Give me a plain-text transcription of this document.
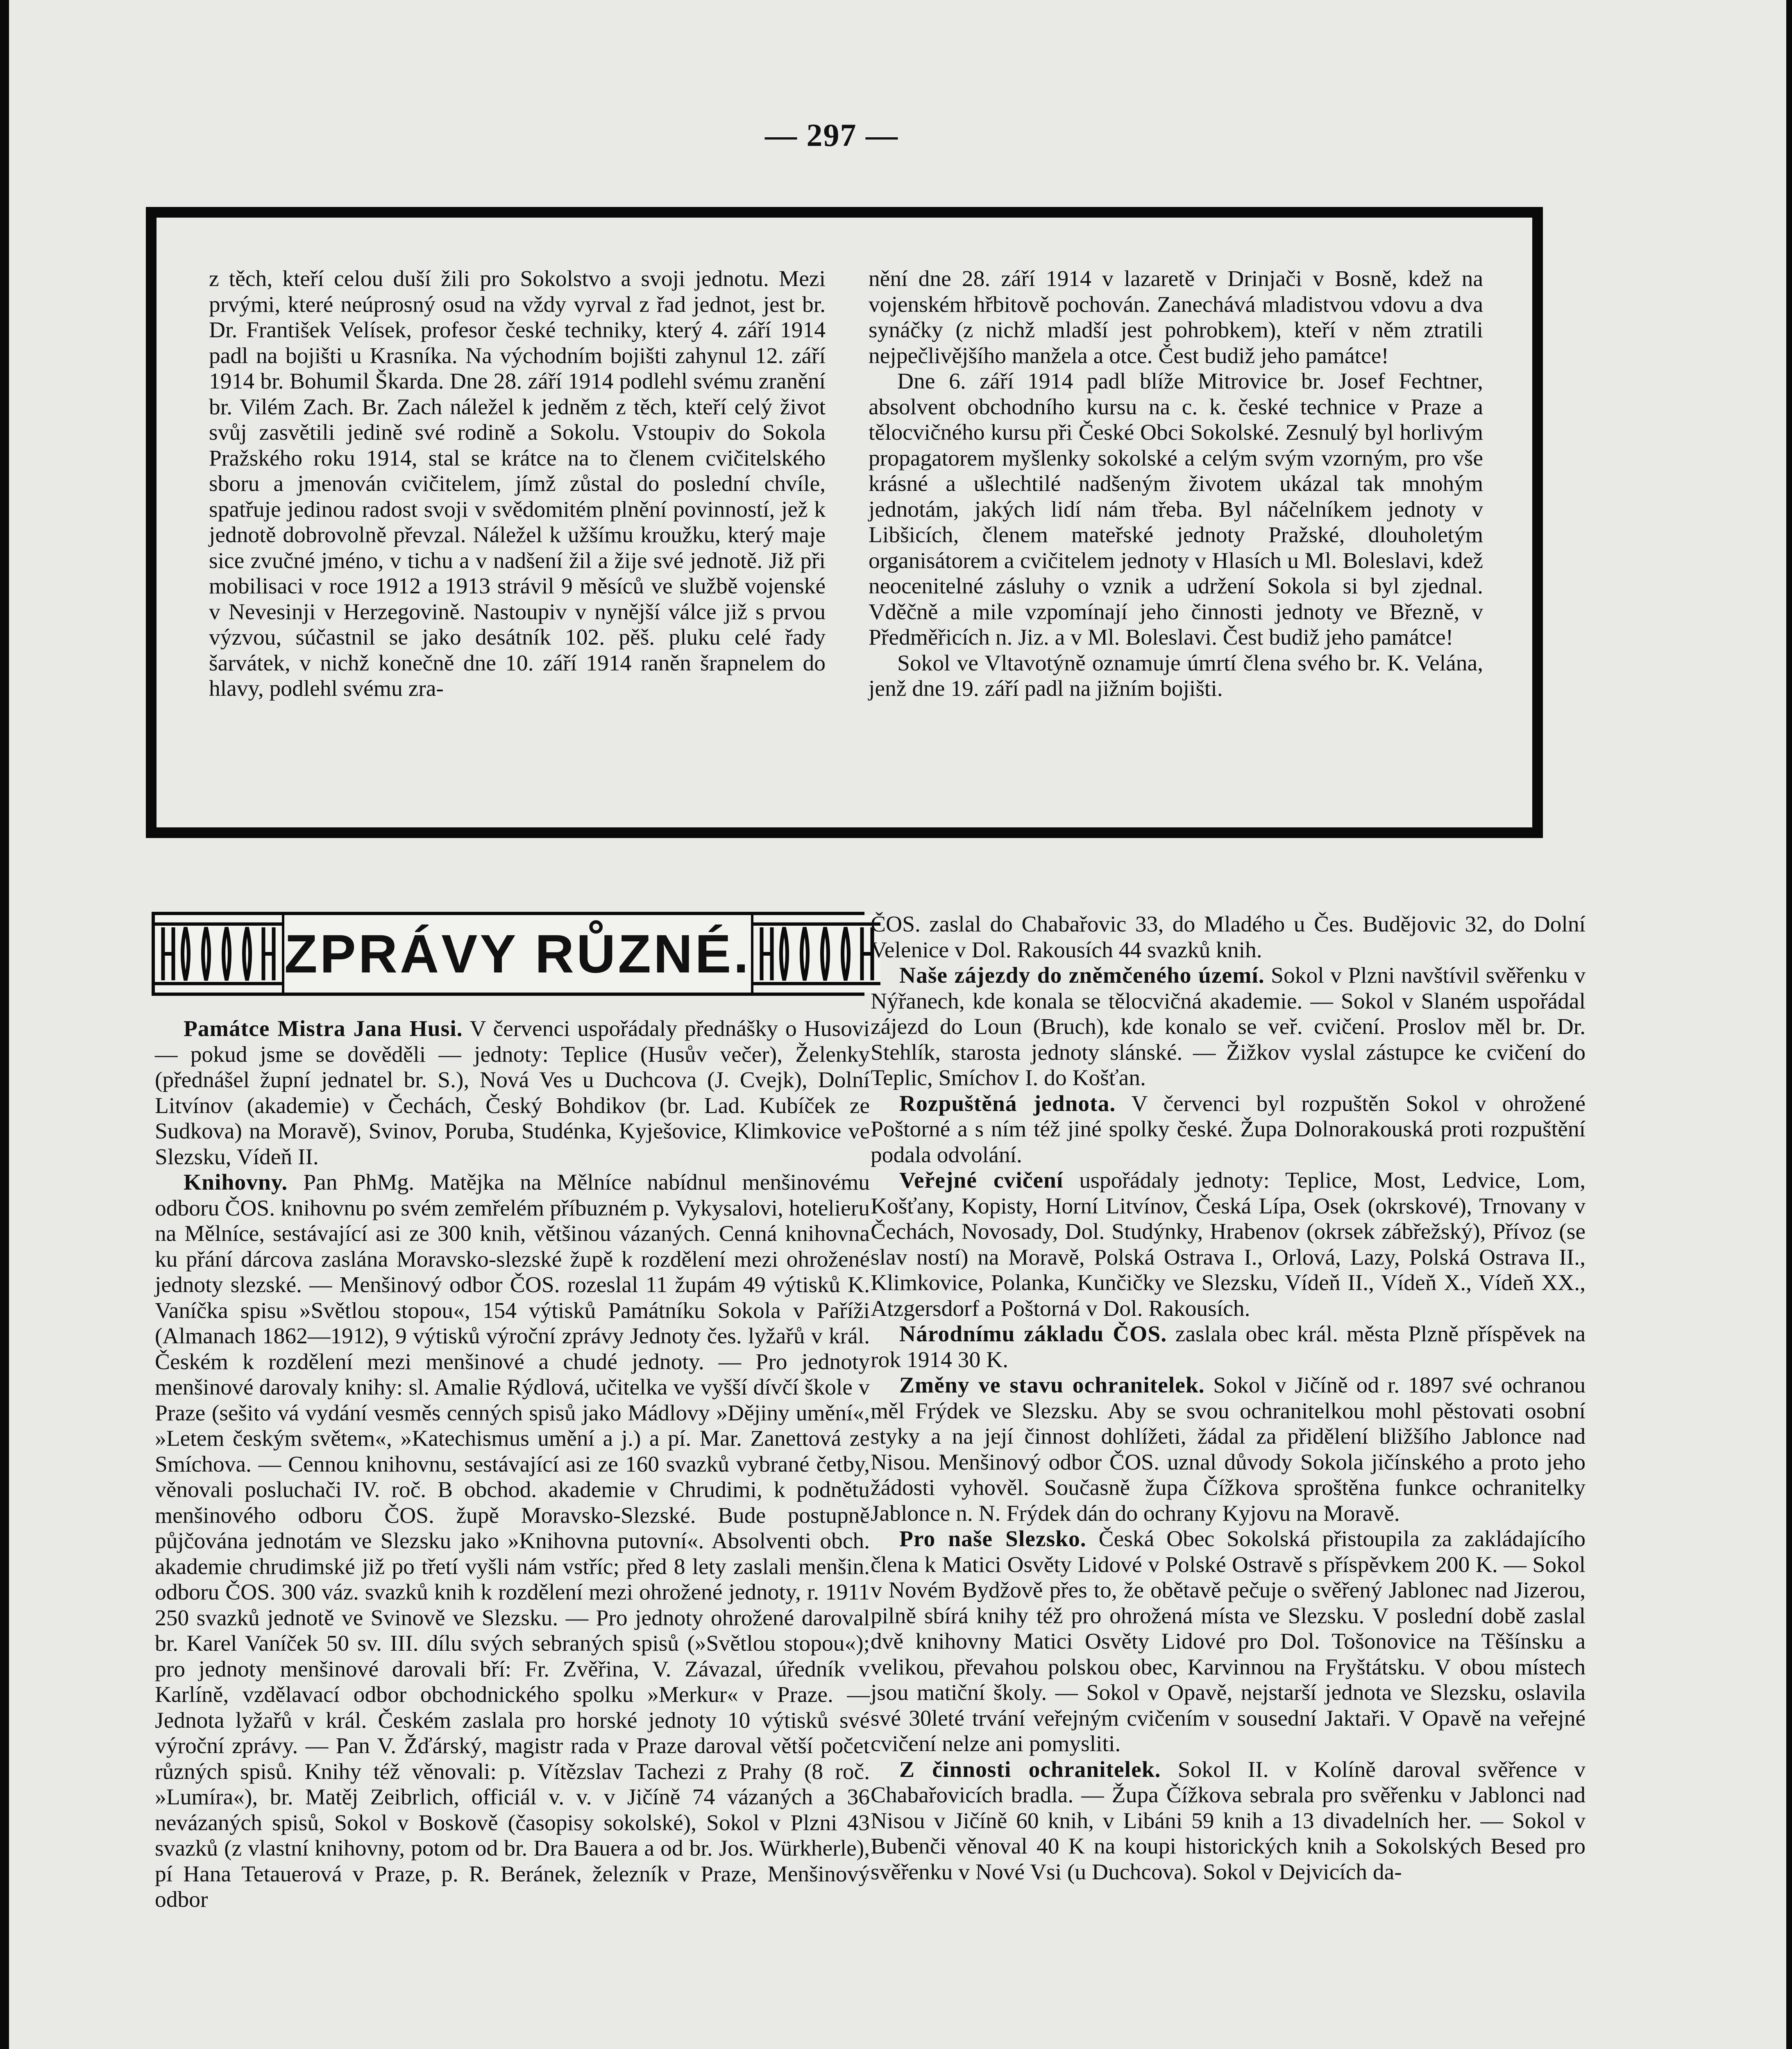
— 297 —

z těch, kteří celou duší žili pro Sokolstvo a svoji jednotu. Mezi prvými, které neúprosný osud na vždy vyrval z řad jednot, jest br. Dr. František Velísek, profesor české techniky, který 4. září 1914 padl na bojišti u Krasníka. Na východním bojišti zahynul 12. září 1914 br. Bohumil Škarda. Dne 28. září 1914 podlehl svému zranění br. Vilém Zach. Br. Zach náležel k jedněm z těch, kteří celý život svůj zasvětili jedině své rodině a Sokolu. Vstoupiv do Sokola Pražského roku 1914, stal se krátce na to členem cvičitelského sboru a jmenován cvičitelem, jímž zůstal do poslední chvíle, spatřuje jedinou radost svoji v svědomitém plnění povinností, jež k jednotě dobrovolně převzal. Náležel k užšímu kroužku, který maje sice zvučné jméno, v tichu a v nadšení žil a žije své jednotě. Již při mobilisaci v roce 1912 a 1913 strávil 9 měsíců ve službě vojenské v Nevesinji v Herzegovině. Nastoupiv v nynější válce již s prvou výzvou, súčastnil se jako desátník 102. pěš. pluku celé řady šarvátek, v nichž konečně dne 10. září 1914 raněn šrapnelem do hlavy, podlehl svému zra-

nění dne 28. září 1914 v lazaretě v Drinjači v Bosně, kdež na vojenském hřbitově pochován. Zanechává mladistvou vdovu a dva synáčky (z nichž mladší jest pohrobkem), kteří v něm ztratili nejpečlivějšího manžela a otce. Čest budiž jeho památce!

Dne 6. září 1914 padl blíže Mitrovice br. Josef Fechtner, absolvent obchodního kursu na c. k. české technice v Praze a tělocvičného kursu při České Obci Sokolské. Zesnulý byl horlivým propagatorem myšlenky sokolské a celým svým vzorným, pro vše krásné a ušlechtilé nadšeným životem ukázal tak mnohým jednotám, jakých lidí nám třeba. Byl náčelníkem jednoty v Libšicích, členem mateřské jednoty Pražské, dlouholetým organisátorem a cvičitelem jednoty v Hlasích u Ml. Boleslavi, kdež neocenitelné zásluhy o vznik a udržení Sokola si byl zjednal. Vděčně a mile vzpomínají jeho činnosti jednoty ve Březně, v Předměřicích n. Jiz. a v Ml. Boleslavi. Čest budiž jeho památce!

Sokol ve Vltavotýně oznamuje úmrtí člena svého br. K. Velána, jenž dne 19. září padl na jižním bojišti.

ZPRÁVY RŮZNÉ.

Památce Mistra Jana Husi. V červenci uspořádaly přednášky o Husovi — pokud jsme se dověděli — jednoty: Teplice (Husův večer), Želenky (přednášel župní jednatel br. S.), Nová Ves u Duchcova (J. Cvejk), Dolní Litvínov (akademie) v Čechách, Český Bohdikov (br. Lad. Kubíček ze Sudkova) na Moravě), Svinov, Poruba, Studénka, Kyješovice, Klimkovice ve Slezsku, Vídeň II.

Knihovny. Pan PhMg. Matějka na Mělníce nabídnul menšinovému odboru ČOS. knihovnu po svém zemřelém příbuzném p. Vykysalovi, hotelieru na Mělníce, sestávající asi ze 300 knih, většinou vázaných. Cenná knihovna ku přání dárcova zaslána Moravsko-slezské župě k rozdělení mezi ohrožené jednoty slezské. — Menšinový odbor ČOS. rozeslal 11 župám 49 výtisků K. Vaníčka spisu »Světlou stopou«, 154 výtisků Památníku Sokola v Paříži (Almanach 1862—1912), 9 výtisků výroční zprávy Jednoty čes. lyžařů v král. Českém k rozdělení mezi menšinové a chudé jednoty. — Pro jednoty menšinové darovaly knihy: sl. Amalie Rýdlová, učitelka ve vyšší dívčí škole v Praze (sešito vá vydání vesměs cenných spisů jako Mádlovy »Dějiny umění«, »Letem českým světem«, »Katechismus umění a j.) a pí. Mar. Zanettová ze Smíchova. — Cennou knihovnu, sestávající asi ze 160 svazků vybrané četby, věnovali posluchači IV. roč. B obchod. akademie v Chrudimi, k podnětu menšinového odboru ČOS. župě Moravsko-Slezské. Bude postupně půjčována jednotám ve Slezsku jako »Knihovna putovní«. Absolventi obch. akademie chrudimské již po třetí vyšli nám vstříc; před 8 lety zaslali menšin. odboru ČOS. 300 váz. svazků knih k rozdělení mezi ohrožené jednoty, r. 1911 250 svazků jednotě ve Svinově ve Slezsku. — Pro jednoty ohrožené daroval br. Karel Vaníček 50 sv. III. dílu svých sebraných spisů (»Světlou stopou«); pro jednoty menšinové darovali bří: Fr. Zvěřina, V. Závazal, úředník v Karlíně, vzdělavací odbor obchodnického spolku »Merkur« v Praze. — Jednota lyžařů v král. Českém zaslala pro horské jednoty 10 výtisků své výroční zprávy. — Pan V. Žďárský, magistr rada v Praze daroval větší počet různých spisů. Knihy též věnovali: p. Vítězslav Tachezi z Prahy (8 roč. »Lumíra«), br. Matěj Zeibrlich, officiál v. v. v Jičíně 74 vázaných a 36 nevázaných spisů, Sokol v Boskově (časopisy sokolské), Sokol v Plzni 43 svazků (z vlastní knihovny, potom od br. Dra Bauera a od br. Jos. Würkherle), pí Hana Tetauerová v Praze, p. R. Beránek, železník v Praze, Menšinový odbor

ČOS. zaslal do Chabařovic 33, do Mladého u Čes. Budějovic 32, do Dolní Velenice v Dol. Rakousích 44 svazků knih.

Naše zájezdy do zněmčeného území. Sokol v Plzni navštívil svěřenku v Nýřanech, kde konala se tělocvičná akademie. — Sokol v Slaném uspořádal zájezd do Loun (Bruch), kde konalo se veř. cvičení. Proslov měl br. Dr. Stehlík, starosta jednoty slánské. — Žižkov vyslal zástupce ke cvičení do Teplic, Smíchov I. do Košťan.

Rozpuštěná jednota. V červenci byl rozpuštěn Sokol v ohrožené Poštorné a s ním též jiné spolky české. Župa Dolnorakouská proti rozpuštění podala odvolání.

Veřejné cvičení uspořádaly jednoty: Teplice, Most, Ledvice, Lom, Košťany, Kopisty, Horní Litvínov, Česká Lípa, Osek (okrskové), Trnovany v Čechách, Novosady, Dol. Studýnky, Hrabenov (okrsek zábřežský), Přívoz (se slav ností) na Moravě, Polská Ostrava I., Orlová, Lazy, Polská Ostrava II., Klimkovice, Polanka, Kunčičky ve Slezsku, Vídeň II., Vídeň X., Vídeň XX., Atzgersdorf a Poštorná v Dol. Rakousích.

Národnímu základu ČOS. zaslala obec král. města Plzně příspěvek na rok 1914 30 K.

Změny ve stavu ochranitelek. Sokol v Jičíně od r. 1897 své ochranou měl Frýdek ve Slezsku. Aby se svou ochranitelkou mohl pěstovati osobní styky a na její činnost dohlížeti, žádal za přidělení bližšího Jablonce nad Nisou. Menšinový odbor ČOS. uznal důvody Sokola jičínského a proto jeho žádosti vyhověl. Současně župa Čížkova sproštěna funkce ochranitelky Jablonce n. N. Frýdek dán do ochrany Kyjovu na Moravě.

Pro naše Slezsko. Česká Obec Sokolská přistoupila za zakládajícího člena k Matici Osvěty Lidové v Polské Ostravě s příspěvkem 200 K. — Sokol v Novém Bydžově přes to, že obětavě pečuje o svěřený Jablonec nad Jizerou, pilně sbírá knihy též pro ohrožená místa ve Slezsku. V poslední době zaslal dvě knihovny Matici Osvěty Lidové pro Dol. Tošonovice na Těšínsku a velikou, převahou polskou obec, Karvinnou na Fryštátsku. V obou místech jsou matiční školy. — Sokol v Opavě, nejstarší jednota ve Slezsku, oslavila své 30leté trvání veřejným cvičením v sousední Jaktaři. V Opavě na veřejné cvičení nelze ani pomysliti.

Z činnosti ochranitelek. Sokol II. v Kolíně daroval svěřence v Chabařovicích bradla. — Župa Čížkova sebrala pro svěřenku v Jablonci nad Nisou v Jičíně 60 knih, v Libáni 59 knih a 13 divadelních her. — Sokol v Bubenči věnoval 40 K na koupi historických knih a Sokolských Besed pro svěřenku v Nové Vsi (u Duchcova). Sokol v Dejvicích da-
